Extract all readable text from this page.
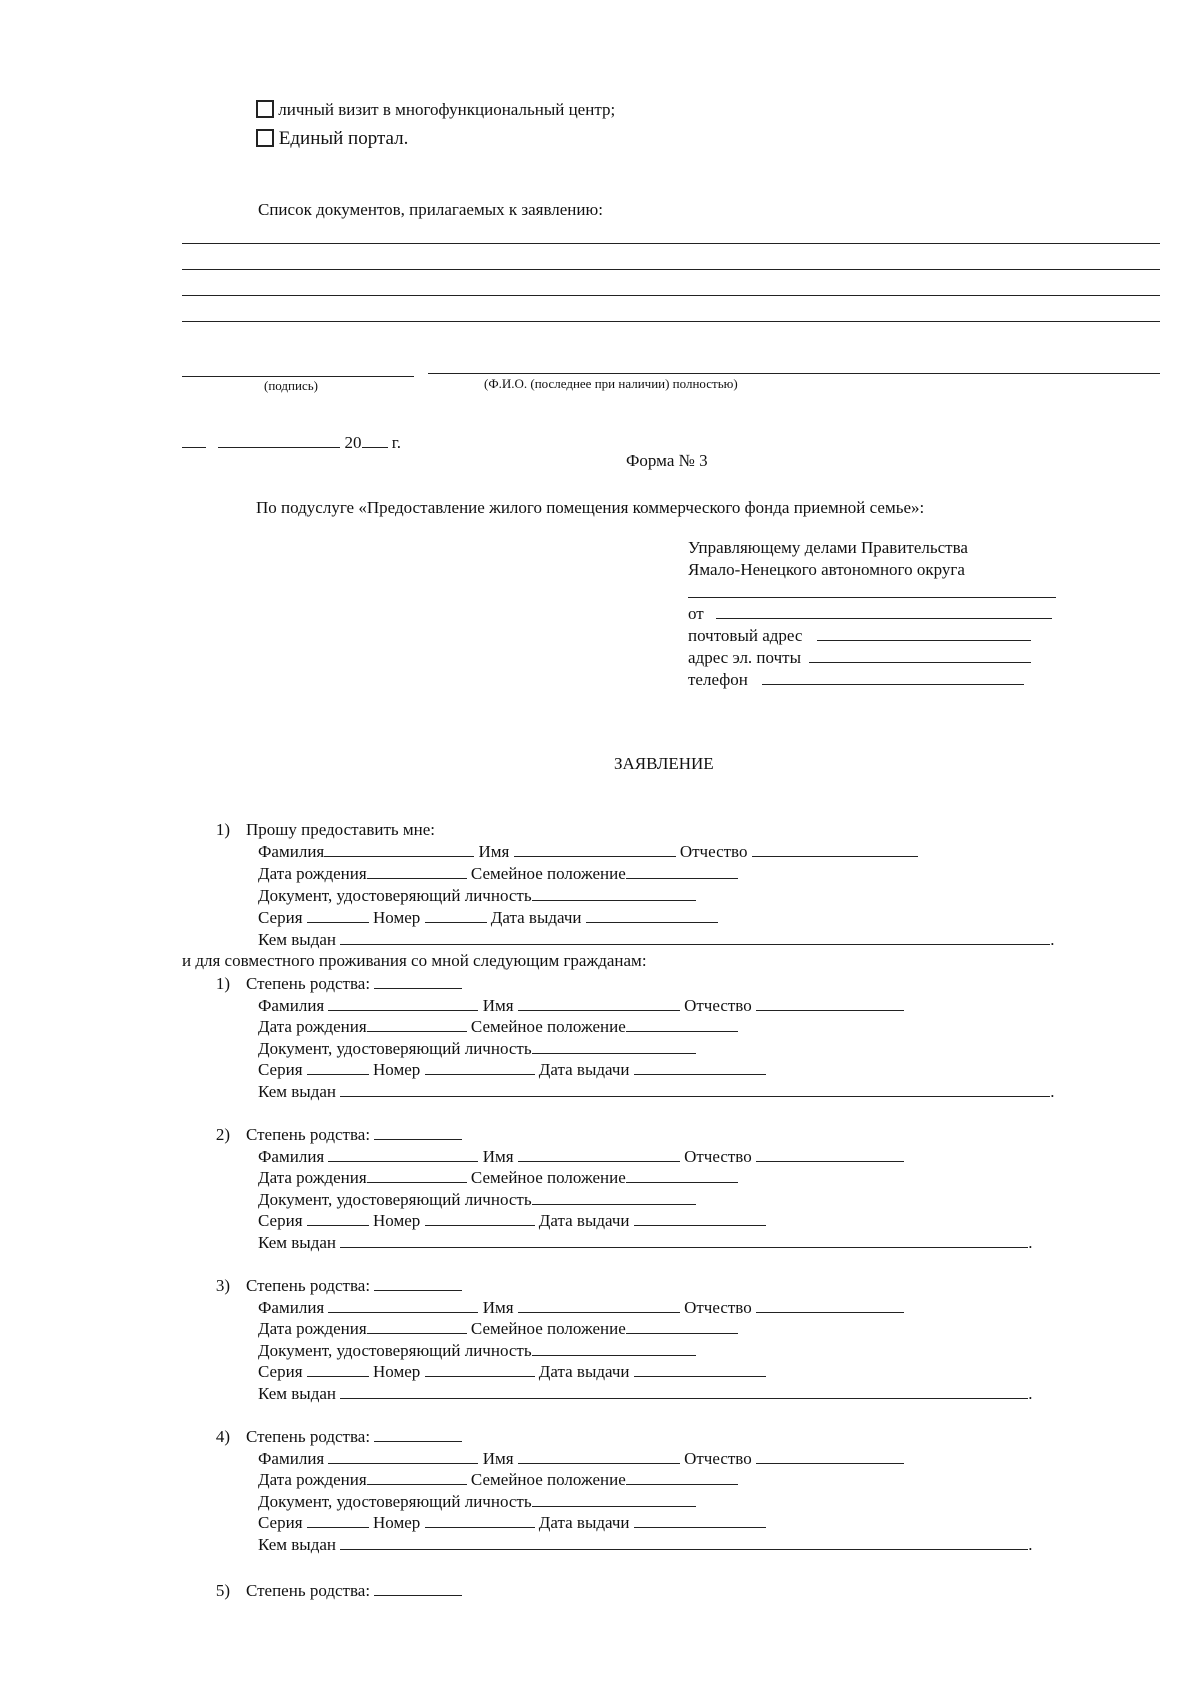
личный визит в многофункциональный центр;
Единый портал.
Список документов, прилагаемых к заявлению:
(подпись)	(Ф.И.О. (последнее при наличии) полностью)
20 г.
Форма № 3
По подуслуге «Предоставление жилого помещения коммерческого фонда приемной семье»:
Управляющему делами Правительства
Ямало-Ненецкого автономного округа
от
почтовый адрес
адрес эл. почты
телефон
ЗАЯВЛЕНИЕ
1) Прошу предоставить мне:
Фамилия	Имя	Отчество
Дата рождения	Семейное положение
Документ, удостоверяющий личность
Серия	Номер	Дата выдачи
Кем выдан	.
и для совместного проживания со мной следующим гражданам:
1) Степень родства:
Фамилия	Имя	Отчество
Дата рождения	Семейное положение
Документ, удостоверяющий личность
Серия	Номер	Дата выдачи
Кем выдан	.
2) Степень родства:
Фамилия	Имя	Отчество
Дата рождения	Семейное положение
Документ, удостоверяющий личность
Серия	Номер	Дата выдачи
Кем выдан	.
3) Степень родства:
Фамилия	Имя	Отчество
Дата рождения	Семейное положение
Документ, удостоверяющий личность
Серия	Номер	Дата выдачи
Кем выдан	.
4) Степень родства:
Фамилия	Имя	Отчество
Дата рождения	Семейное положение
Документ, удостоверяющий личность
Серия	Номер	Дата выдачи
Кем выдан	.
5) Степень родства:
